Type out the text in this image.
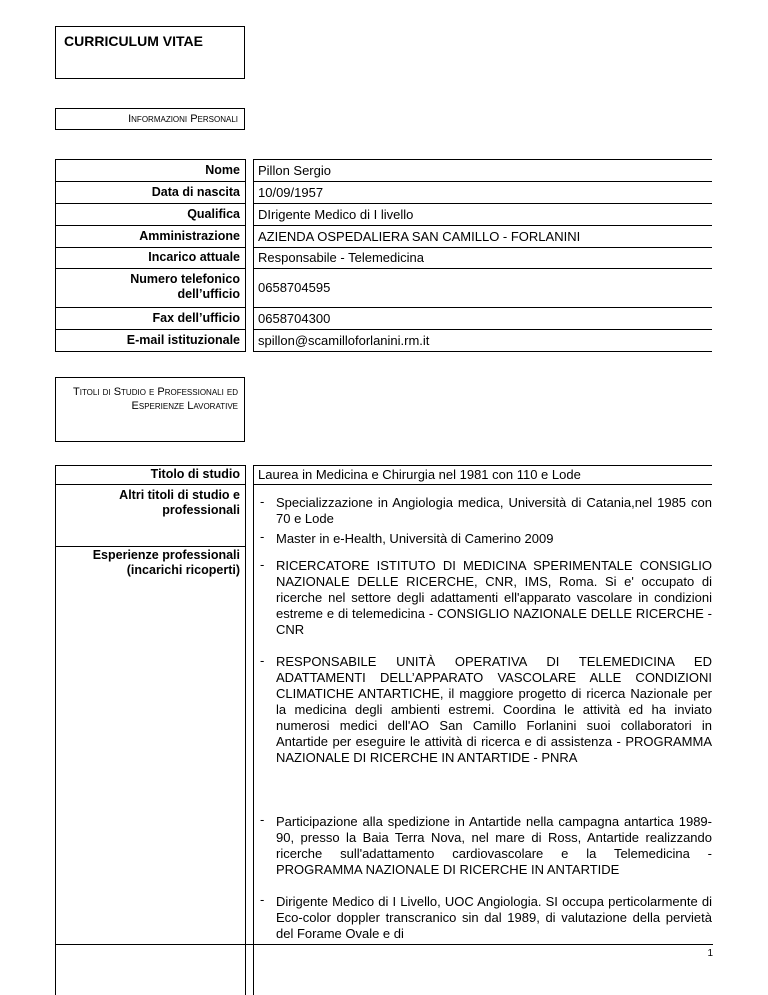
CURRICULUM VITAE
Informazioni Personali
Nome Pillon Sergio
Data di nascita 10/09/1957
Qualifica DIrigente Medico di I livello
Amministrazione AZIENDA OSPEDALIERA SAN CAMILLO - FORLANINI
Incarico attuale Responsabile - Telemedicina
Numero telefonico dell’ufficio 0658704595
Fax dell’ufficio 0658704300
E-mail istituzionale spillon@scamilloforlanini.rm.it
Titoli di Studio e Professionali ed Esperienze Lavorative
Titolo di studio Laurea in Medicina e Chirurgia nel 1981 con 110 e Lode
Altri titoli di studio e professionali
- Specializzazione in Angiologia medica, Università di Catania,nel 1985 con 70 e Lode
- Master in e-Health, Università di Camerino 2009
Esperienze professionali (incarichi ricoperti) - RICERCATORE ISTITUTO DI MEDICINA SPERIMENTALE CONSIGLIO NAZIONALE DELLE RICERCHE, CNR, IMS, Roma. Si e' occupato di ricerche nel settore degli adattamenti ell'apparato vascolare in condizioni estreme e di telemedicina - CONSIGLIO NAZIONALE DELLE RICERCHE - CNR
- RESPONSABILE UNITÀ OPERATIVA DI TELEMEDICINA ED ADATTAMENTI DELL’APPARATO VASCOLARE ALLE CONDIZIONI CLIMATICHE ANTARTICHE, il maggiore progetto di ricerca Nazionale per la medicina degli ambienti estremi. Coordina le attività ed ha inviato numerosi medici dell'AO San Camillo Forlanini suoi collaboratori in Antartide per eseguire le attività di ricerca e di assistenza - PROGRAMMA NAZIONALE DI RICERCHE IN ANTARTIDE - PNRA
- Participazione alla spedizione in Antartide nella campagna antartica 1989-90, presso la Baia Terra Nova, nel mare di Ross, Antartide realizzando ricerche sull'adattamento cardiovascolare e la Telemedicina - PROGRAMMA NAZIONALE DI RICERCHE IN ANTARTIDE
- Dirigente Medico di I Livello, UOC Angiologia. SI occupa perticolarmente di Eco-color doppler transcranico sin dal 1989, di valutazione della pervietà del Forame Ovale e di
1
